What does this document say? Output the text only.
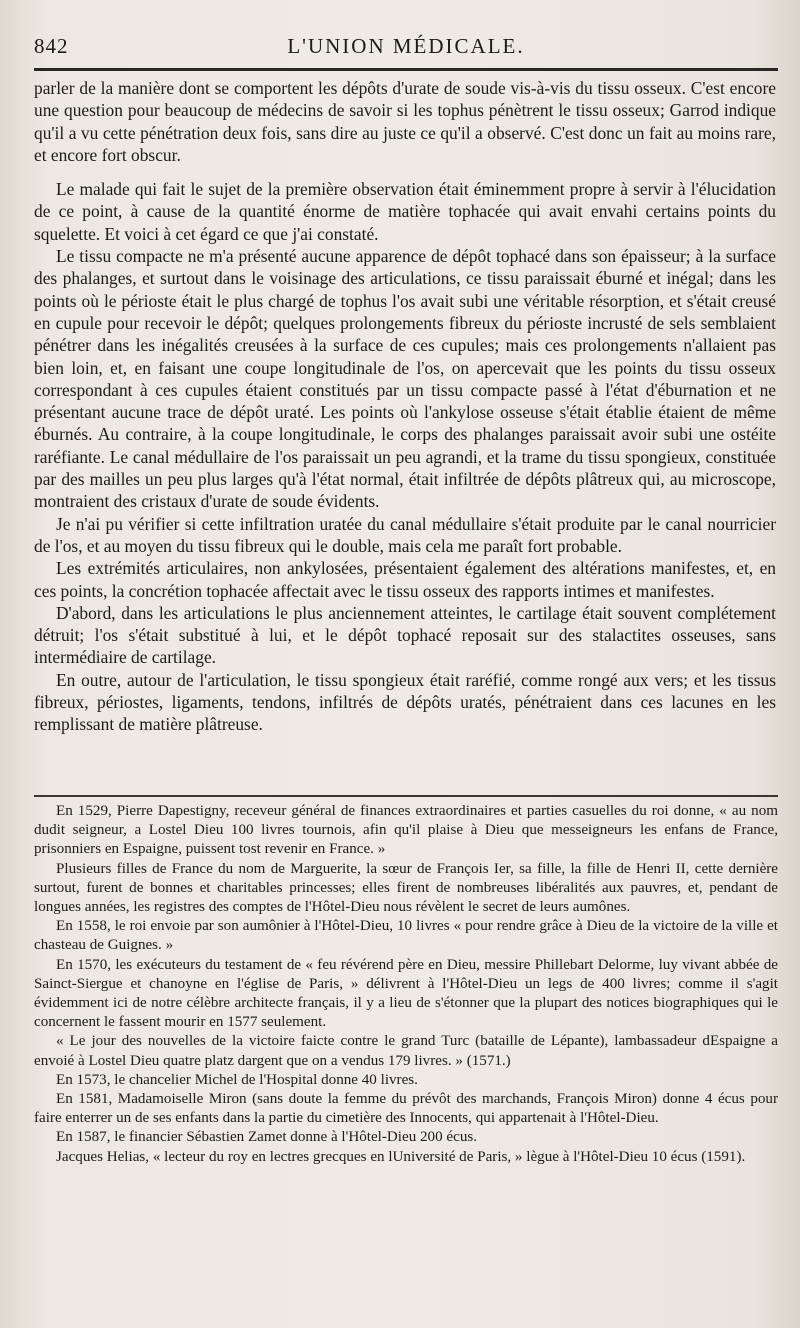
842	L'UNION MÉDICALE.

parler de la manière dont se comportent les dépôts d'urate de soude vis-à-vis du tissu osseux. C'est encore une question pour beaucoup de médecins de savoir si les tophus pénètrent le tissu osseux; Garrod indique qu'il a vu cette pénétration deux fois, sans dire au juste ce qu'il a observé. C'est donc un fait au moins rare, et encore fort obscur.

Le malade qui fait le sujet de la première observation était éminemment propre à servir à l'élucidation de ce point, à cause de la quantité énorme de matière tophacée qui avait envahi certains points du squelette. Et voici à cet égard ce que j'ai constaté.

Le tissu compacte ne m'a présenté aucune apparence de dépôt tophacé dans son épaisseur; à la surface des phalanges, et surtout dans le voisinage des articulations, ce tissu paraissait éburné et inégal; dans les points où le périoste était le plus chargé de tophus l'os avait subi une véritable résorption, et s'était creusé en cupule pour recevoir le dépôt; quelques prolongements fibreux du périoste incrusté de sels semblaient pénétrer dans les inégalités creusées à la surface de ces cupules; mais ces prolongements n'allaient pas bien loin, et, en faisant une coupe longitudinale de l'os, on apercevait que les points du tissu osseux correspondant à ces cupules étaient constitués par un tissu compacte passé à l'état d'éburnation et ne présentant aucune trace de dépôt uraté. Les points où l'ankylose osseuse s'était établie étaient de même éburnés. Au contraire, à la coupe longitudinale, le corps des phalanges paraissait avoir subi une ostéite raréfiante. Le canal médullaire de l'os paraissait un peu agrandi, et la trame du tissu spongieux, constituée par des mailles un peu plus larges qu'à l'état normal, était infiltrée de dépôts plâtreux qui, au microscope, montraient des cristaux d'urate de soude évidents.

Je n'ai pu vérifier si cette infiltration uratée du canal médullaire s'était produite par le canal nourricier de l'os, et au moyen du tissu fibreux qui le double, mais cela me paraît fort probable.

Les extrémités articulaires, non ankylosées, présentaient également des altérations manifestes, et, en ces points, la concrétion tophacée affectait avec le tissu osseux des rapports intimes et manifestes.

D'abord, dans les articulations le plus anciennement atteintes, le cartilage était souvent complétement détruit; l'os s'était substitué à lui, et le dépôt tophacé reposait sur des stalactites osseuses, sans intermédiaire de cartilage.

En outre, autour de l'articulation, le tissu spongieux était raréfié, comme rongé aux vers; et les tissus fibreux, périostes, ligaments, tendons, infiltrés de dépôts uratés, pénétraient dans ces lacunes en les remplissant de matière plâtreuse.

En 1529, Pierre Dapestigny, receveur général de finances extraordinaires et parties casuelles du roi donne, « au nom dudit seigneur, a Lostel Dieu 100 livres tournois, afin qu'il plaise à Dieu que messeigneurs les enfans de France, prisonniers en Espaigne, puissent tost revenir en France. »

Plusieurs filles de France du nom de Marguerite, la sœur de François Ier, sa fille, la fille de Henri II, cette dernière surtout, furent de bonnes et charitables princesses; elles firent de nombreuses libéralités aux pauvres, et, pendant de longues années, les registres des comptes de l'Hôtel-Dieu nous révèlent le secret de leurs aumônes.

En 1558, le roi envoie par son aumônier à l'Hôtel-Dieu, 10 livres « pour rendre grâce à Dieu de la victoire de la ville et chasteau de Guignes. »

En 1570, les exécuteurs du testament de « feu révérend père en Dieu, messire Phillebart Delorme, luy vivant abbée de Sainct-Siergue et chanoyne en l'église de Paris, » délivrent à l'Hôtel-Dieu un legs de 400 livres; comme il s'agit évidemment ici de notre célèbre architecte français, il y a lieu de s'étonner que la plupart des notices biographiques qui le concernent le fassent mourir en 1577 seulement.

« Le jour des nouvelles de la victoire faicte contre le grand Turc (bataille de Lépante), lambassadeur dEspaigne a envoié à Lostel Dieu quatre platz dargent que on a vendus 179 livres. » (1571.)

En 1573, le chancelier Michel de l'Hospital donne 40 livres.

En 1581, Madamoiselle Miron (sans doute la femme du prévôt des marchands, François Miron) donne 4 écus pour faire enterrer un de ses enfants dans la partie du cimetière des Innocents, qui appartenait à l'Hôtel-Dieu.

En 1587, le financier Sébastien Zamet donne à l'Hôtel-Dieu 200 écus.

Jacques Helias, « lecteur du roy en lectres grecques en lUniversité de Paris, » lègue à l'Hôtel-Dieu 10 écus (1591).
